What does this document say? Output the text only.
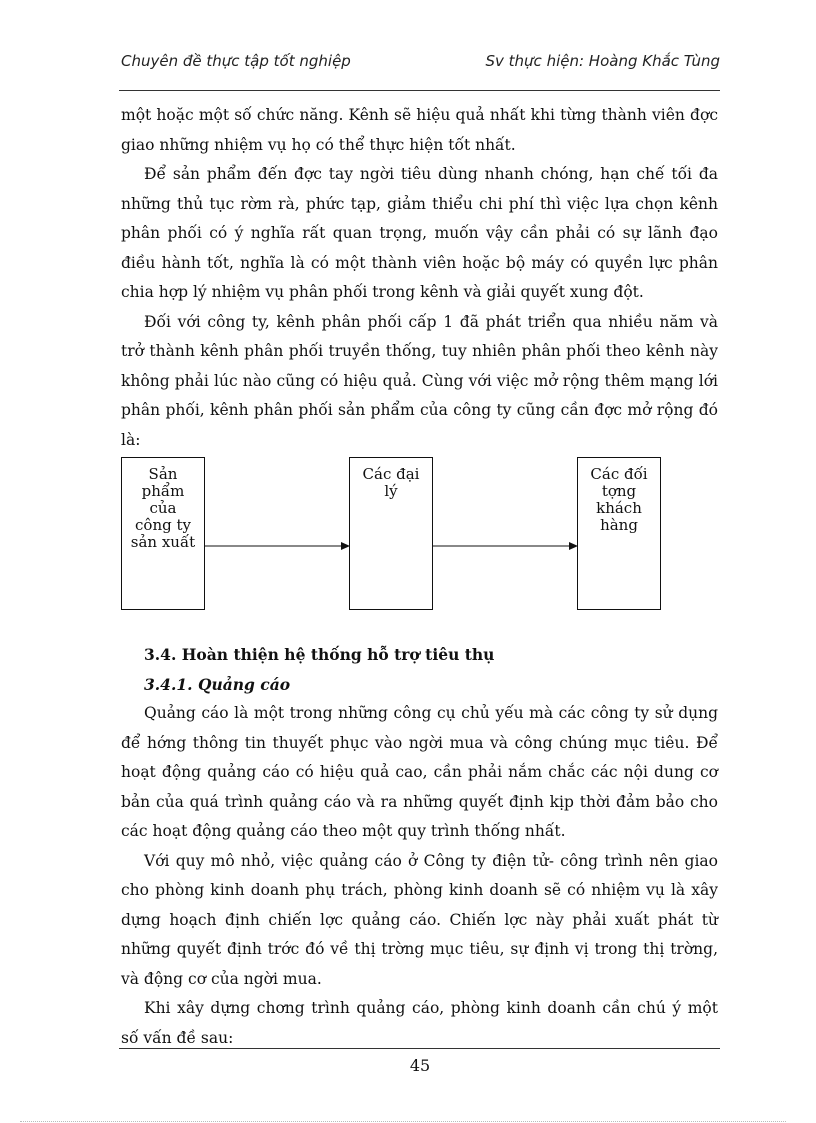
Chuyên đề thực tập tốt nghiệp	Sv thực hiện: Hoàng Khắc Tùng

một hoặc một số chức năng. Kênh sẽ hiệu quả nhất khi từng thành viên đợc giao những nhiệm vụ họ có thể thực hiện tốt nhất.

Để sản phẩm đến đợc tay ngời tiêu dùng nhanh chóng, hạn chế tối đa những thủ tục rờm rà, phức tạp, giảm thiểu chi phí thì việc lựa chọn kênh phân phối có ý nghĩa rất quan trọng, muốn vậy cần phải có sự lãnh đạo điều hành tốt, nghĩa là có một thành viên hoặc bộ máy có quyền lực phân chia hợp lý nhiệm vụ phân phối trong kênh và giải quyết xung đột.

Đối với công ty, kênh phân phối cấp 1 đã phát triển qua nhiều năm và trở thành kênh phân phối truyền thống, tuy nhiên phân phối theo kênh này không phải lúc nào cũng có hiệu quả. Cùng với việc mở rộng thêm mạng lới phân phối, kênh phân phối sản phẩm của công ty cũng cần đợc mở rộng đó là:

Sản
phẩm
của
công ty
sản xuất
Các đại
lý
Các đối
tợng
khách
hàng

3.4. Hoàn thiện hệ thống hỗ trợ tiêu thụ

3.4.1. Quảng cáo

Quảng cáo là một trong những công cụ chủ yếu mà các công ty sử dụng để hớng thông tin thuyết phục vào ngời mua và công chúng mục tiêu. Để hoạt động quảng cáo có hiệu quả cao, cần phải nắm chắc các nội dung cơ bản của quá trình quảng cáo và ra những quyết định kịp thời đảm bảo cho các hoạt động quảng cáo theo một quy trình thống nhất.

Với quy mô nhỏ, việc quảng cáo ở Công ty điện tử- công trình nên giao cho phòng kinh doanh phụ trách, phòng kinh doanh sẽ có nhiệm vụ là xây dựng hoạch định chiến lợc quảng cáo. Chiến lợc này phải xuất phát từ những quyết định trớc đó về thị trờng mục tiêu, sự định vị trong thị trờng, và động cơ của ngời mua.

Khi xây dựng chơng trình quảng cáo, phòng kinh doanh cần chú ý một số vấn đề sau:

45
